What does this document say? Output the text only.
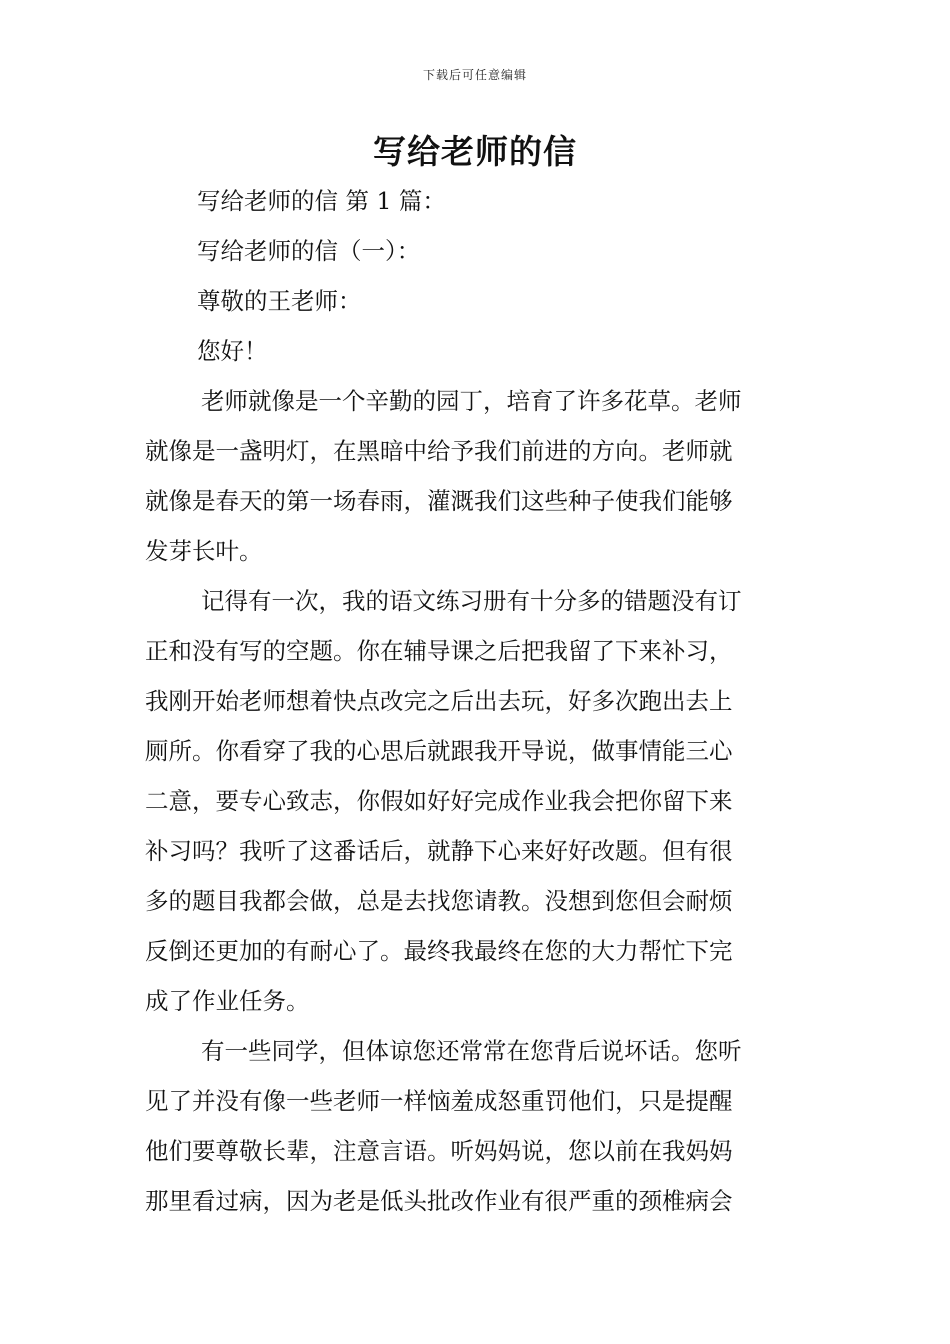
下载后可任意编辑
写给老师的信
写给老师的信 第 1 篇：
写给老师的信（一）：
尊敬的王老师：
您好！
老师就像是一个辛勤的园丁，培育了许多花草。老师
就像是一盏明灯，在黑暗中给予我们前进的方向。老师就
就像是春天的第一场春雨，灌溉我们这些种子使我们能够
发芽长叶。
记得有一次，我的语文练习册有十分多的错题没有订
正和没有写的空题。你在辅导课之后把我留了下来补习，
我刚开始老师想着快点改完之后出去玩，好多次跑出去上
厕所。你看穿了我的心思后就跟我开导说，做事情能三心
二意，要专心致志，你假如好好完成作业我会把你留下来
补习吗？我听了这番话后，就静下心来好好改题。但有很
多的题目我都会做，总是去找您请教。没想到您但会耐烦
反倒还更加的有耐心了。最终我最终在您的大力帮忙下完
成了作业任务。
有一些同学，但体谅您还常常在您背后说坏话。您听
见了并没有像一些老师一样恼羞成怒重罚他们，只是提醒
他们要尊敬长辈，注意言语。听妈妈说，您以前在我妈妈
那里看过病，因为老是低头批改作业有很严重的颈椎病会
